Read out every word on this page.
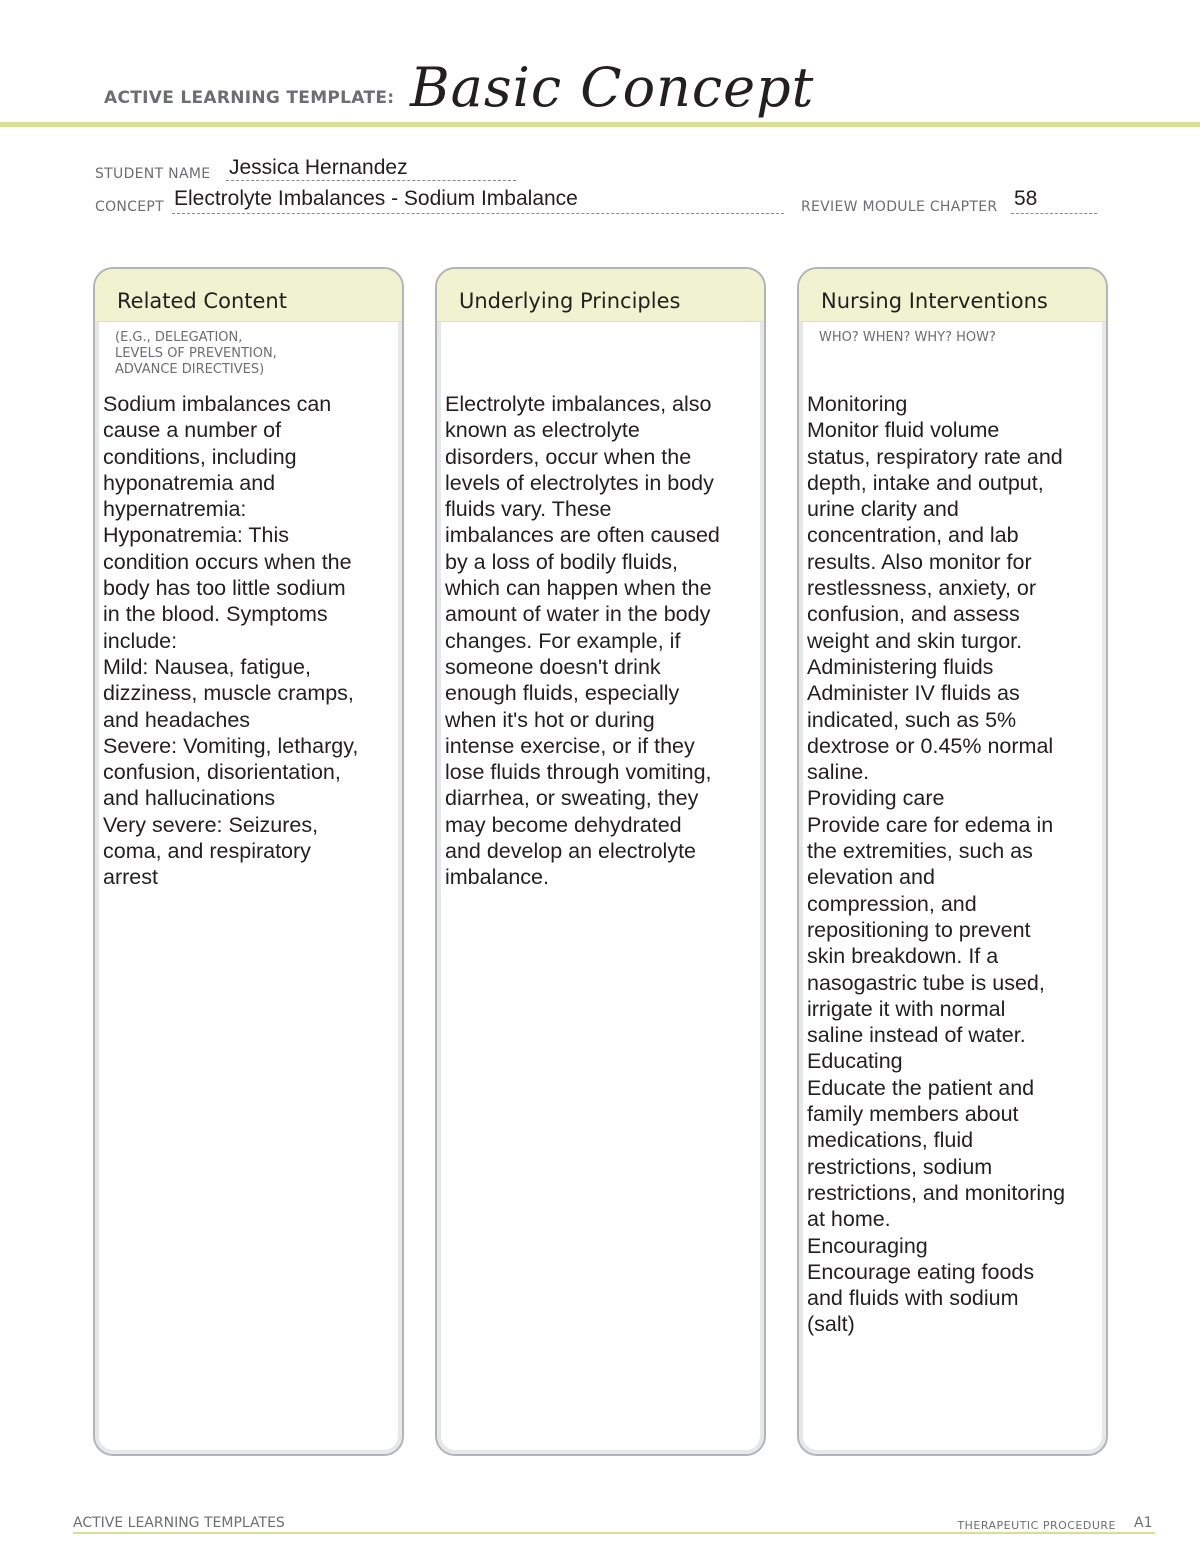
ACTIVE LEARNING TEMPLATE: Basic Concept
STUDENT NAME Jessica Hernandez
CONCEPT Electrolyte Imbalances - Sodium Imbalance	REVIEW MODULE CHAPTER 58
Related Content
(E.G., DELEGATION,
LEVELS OF PREVENTION,
ADVANCE DIRECTIVES)
Sodium imbalances can
cause a number of
conditions, including
hyponatremia and
hypernatremia:
Hyponatremia: This
condition occurs when the
body has too little sodium
in the blood. Symptoms
include:
Mild: Nausea, fatigue,
dizziness, muscle cramps,
and headaches
Severe: Vomiting, lethargy,
confusion, disorientation,
and hallucinations
Very severe: Seizures,
coma, and respiratory
arrest
Underlying Principles
Electrolyte imbalances, also
known as electrolyte
disorders, occur when the
levels of electrolytes in body
fluids vary. These
imbalances are often caused
by a loss of bodily fluids,
which can happen when the
amount of water in the body
changes. For example, if
someone doesn't drink
enough fluids, especially
when it's hot or during
intense exercise, or if they
lose fluids through vomiting,
diarrhea, or sweating, they
may become dehydrated
and develop an electrolyte
imbalance.
Nursing Interventions
WHO? WHEN? WHY? HOW?
Monitoring
Monitor fluid volume
status, respiratory rate and
depth, intake and output,
urine clarity and
concentration, and lab
results. Also monitor for
restlessness, anxiety, or
confusion, and assess
weight and skin turgor.
Administering fluids
Administer IV fluids as
indicated, such as 5%
dextrose or 0.45% normal
saline.
Providing care
Provide care for edema in
the extremities, such as
elevation and
compression, and
repositioning to prevent
skin breakdown. If a
nasogastric tube is used,
irrigate it with normal
saline instead of water.
Educating
Educate the patient and
family members about
medications, fluid
restrictions, sodium
restrictions, and monitoring
at home.
Encouraging
Encourage eating foods
and fluids with sodium
(salt)
ACTIVE LEARNING TEMPLATES	THERAPEUTIC PROCEDURE A1
